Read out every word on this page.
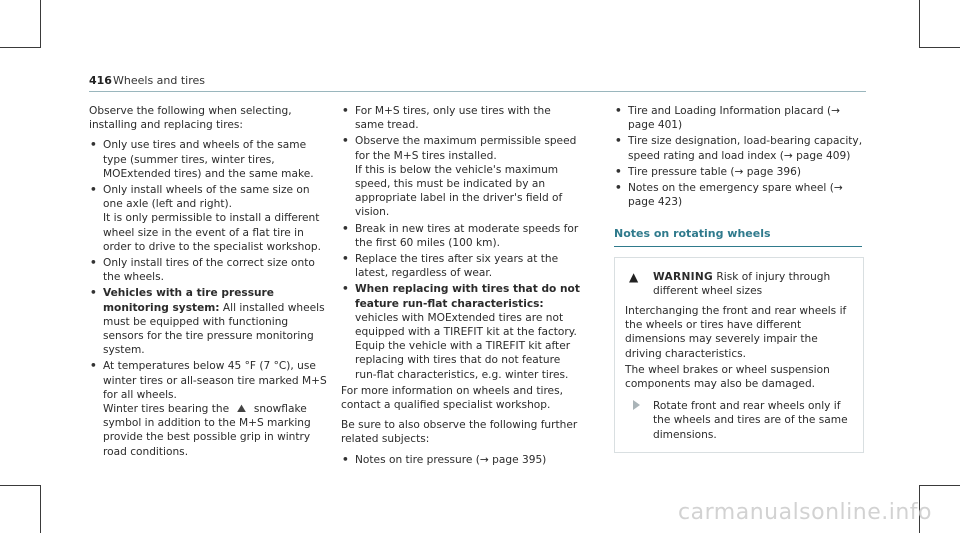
416 Wheels and tires

Observe the following when selecting, installing and replacing tires:

• Only use tires and wheels of the same type (summer tires, winter tires, MOExtended tires) and the same make.
• Only install wheels of the same size on one axle (left and right).

It is only permissible to install a different wheel size in the event of a flat tire in order to drive to the specialist workshop.

• Only install tires of the correct size onto the wheels.
• Vehicles with a tire pressure monitoring system: All installed wheels must be equipped with functioning sensors for the tire pressure monitoring system.
• At temperatures below 45 °F (7 °C), use winter tires or all-season tire marked M+S for all wheels.

Winter tires bearing the ⛰ snowflake symbol in addition to the M+S marking provide the best possible grip in wintry road conditions.

• For M+S tires, only use tires with the same tread.
• Observe the maximum permissible speed for the M+S tires installed.

If this is below the vehicle's maximum speed, this must be indicated by an appropriate label in the driver's field of vision.

• Break in new tires at moderate speeds for the first 60 miles (100 km).
• Replace the tires after six years at the latest, regardless of wear.
• When replacing with tires that do not feature run-flat characteristics: vehicles with MOExtended tires are not equipped with a TIREFIT kit at the factory. Equip the vehicle with a TIREFIT kit after replacing with tires that do not feature run-flat characteristics, e.g. winter tires.

For more information on wheels and tires, contact a qualified specialist workshop.

Be sure to also observe the following further related subjects:

• Notes on tire pressure (→ page 395)
• Tire and Loading Information placard (→ page 401)
• Tire size designation, load-bearing capacity, speed rating and load index (→ page 409)
• Tire pressure table (→ page 396)
• Notes on the emergency spare wheel (→ page 423)
Notes on rotating wheels
▲ WARNING Risk of injury through different wheel sizes

Interchanging the front and rear wheels if the wheels or tires have different dimensions may severely impair the driving characteristics.

The wheel brakes or wheel suspension components may also be damaged.

Rotate front and rear wheels only if the wheels and tires are of the same dimensions.
carmanualsonline.info
